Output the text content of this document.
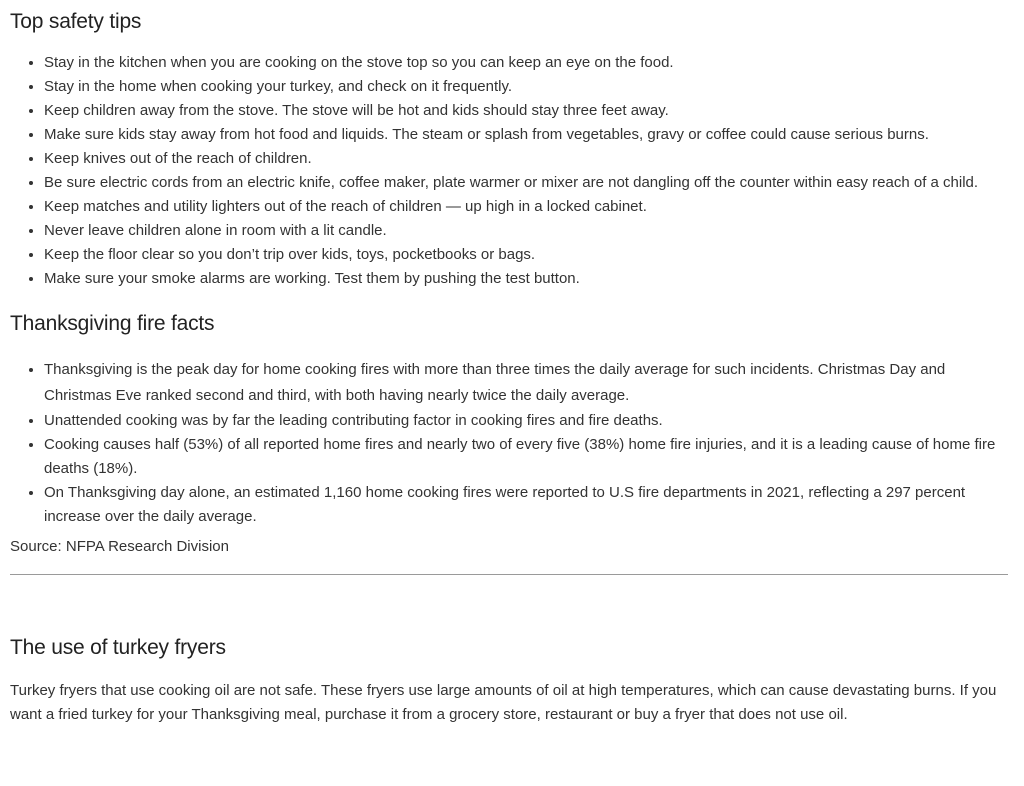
Top safety tips
• Stay in the kitchen when you are cooking on the stove top so you can keep an eye on the food.
• Stay in the home when cooking your turkey, and check on it frequently.
• Keep children away from the stove. The stove will be hot and kids should stay three feet away.
• Make sure kids stay away from hot food and liquids. The steam or splash from vegetables, gravy or coffee could cause serious burns.
• Keep knives out of the reach of children.
• Be sure electric cords from an electric knife, coffee maker, plate warmer or mixer are not dangling off the counter within easy reach of a child.
• Keep matches and utility lighters out of the reach of children — up high in a locked cabinet.
• Never leave children alone in room with a lit candle.
• Keep the floor clear so you don’t trip over kids, toys, pocketbooks or bags.
• Make sure your smoke alarms are working. Test them by pushing the test button.
Thanksgiving fire facts
• Thanksgiving is the peak day for home cooking fires with more than three times the daily average for such incidents. Christmas Day and Christmas Eve ranked second and third, with both having nearly twice the daily average.
• Unattended cooking was by far the leading contributing factor in cooking fires and fire deaths.
• Cooking causes half (53%) of all reported home fires and nearly two of every five (38%) home fire injuries, and it is a leading cause of home fire deaths (18%).
• On Thanksgiving day alone, an estimated 1,160 home cooking fires were reported to U.S fire departments in 2021, reflecting a 297 percent increase over the daily average.

Source: NFPA Research Division

The use of turkey fryers

Turkey fryers that use cooking oil are not safe. These fryers use large amounts of oil at high temperatures, which can cause devastating burns. If you want a fried turkey for your Thanksgiving meal, purchase it from a grocery store, restaurant or buy a fryer that does not use oil.
